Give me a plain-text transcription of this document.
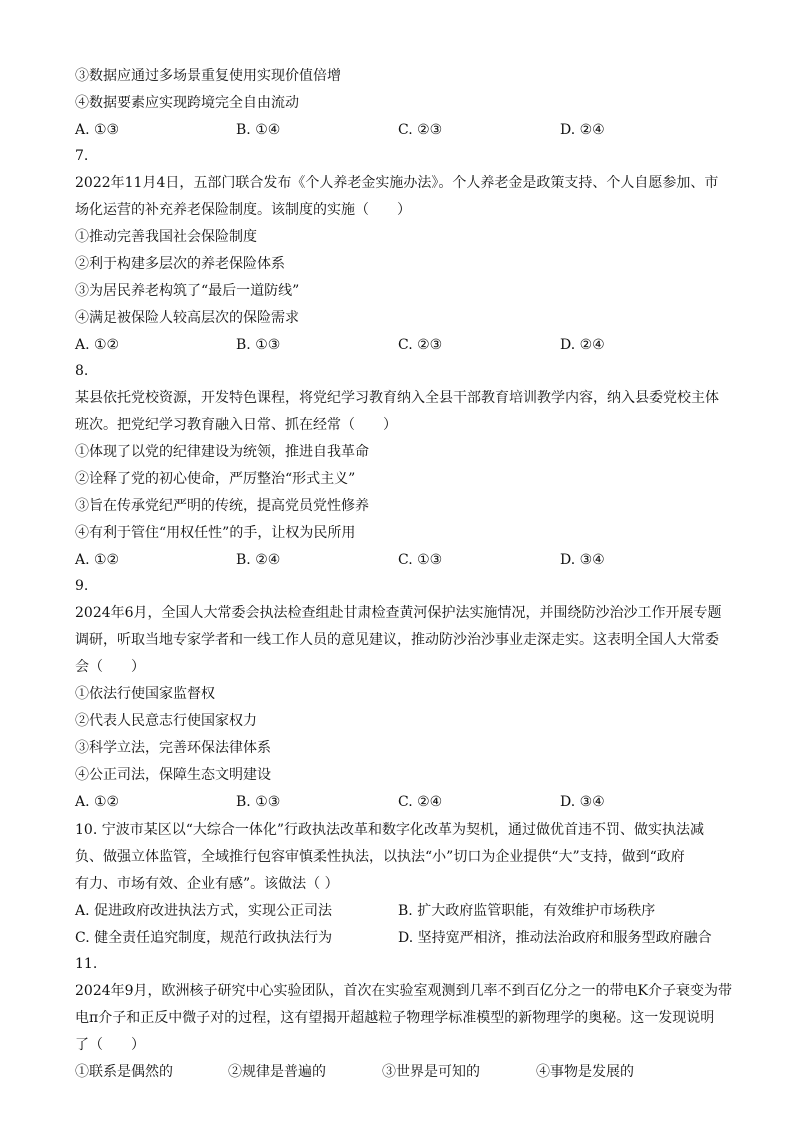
③数据应通过多场景重复使用实现价值倍增
④数据要素应实现跨境完全自由流动
A. ①③	B. ①④	C. ②③	D. ②④
7.
2022年11月4日，五部门联合发布《个人养老金实施办法》。个人养老金是政策支持、个人自愿参加、市
场化运营的补充养老保险制度。该制度的实施（　　）
①推动完善我国社会保险制度
②利于构建多层次的养老保险体系
③为居民养老构筑了“最后一道防线”
④满足被保险人较高层次的保险需求
A. ①②	B. ①③	C. ②③	D. ②④
8.
某县依托党校资源，开发特色课程，将党纪学习教育纳入全县干部教育培训教学内容，纳入县委党校主体
班次。把党纪学习教育融入日常、抓在经常（　　）
①体现了以党的纪律建设为统领，推进自我革命
②诠释了党的初心使命，严厉整治“形式主义”
③旨在传承党纪严明的传统，提高党员党性修养
④有利于管住“用权任性”的手，让权为民所用
A. ①②	B. ②④	C. ①③	D. ③④
9.
2024年6月，全国人大常委会执法检查组赴甘肃检查黄河保护法实施情况，并围绕防沙治沙工作开展专题
调研，听取当地专家学者和一线工作人员的意见建议，推动防沙治沙事业走深走实。这表明全国人大常委
会（　　）
①依法行使国家监督权
②代表人民意志行使国家权力
③科学立法，完善环保法律体系
④公正司法，保障生态文明建设
A. ①②	B. ①③	C. ②④	D. ③④
10. 宁波市某区以“大综合一体化”行政执法改革和数字化改革为契机，通过做优首违不罚、做实执法减
负、做强立体监管，全域推行包容审慎柔性执法，以执法“小”切口为企业提供“大”支持，做到“政府
有力、市场有效、企业有感”。该做法（ ）
A. 促进政府改进执法方式，实现公正司法	B. 扩大政府监管职能，有效维护市场秩序
C. 健全责任追究制度，规范行政执法行为	D. 坚持宽严相济，推动法治政府和服务型政府融合
11.
2024年9月，欧洲核子研究中心实验团队，首次在实验室观测到几率不到百亿分之一的带电K介子衰变为带
电π介子和正反中微子对的过程，这有望揭开超越粒子物理学标准模型的新物理学的奥秘。这一发现说明
了（　　）
①联系是偶然的	②规律是普遍的	③世界是可知的	④事物是发展的
